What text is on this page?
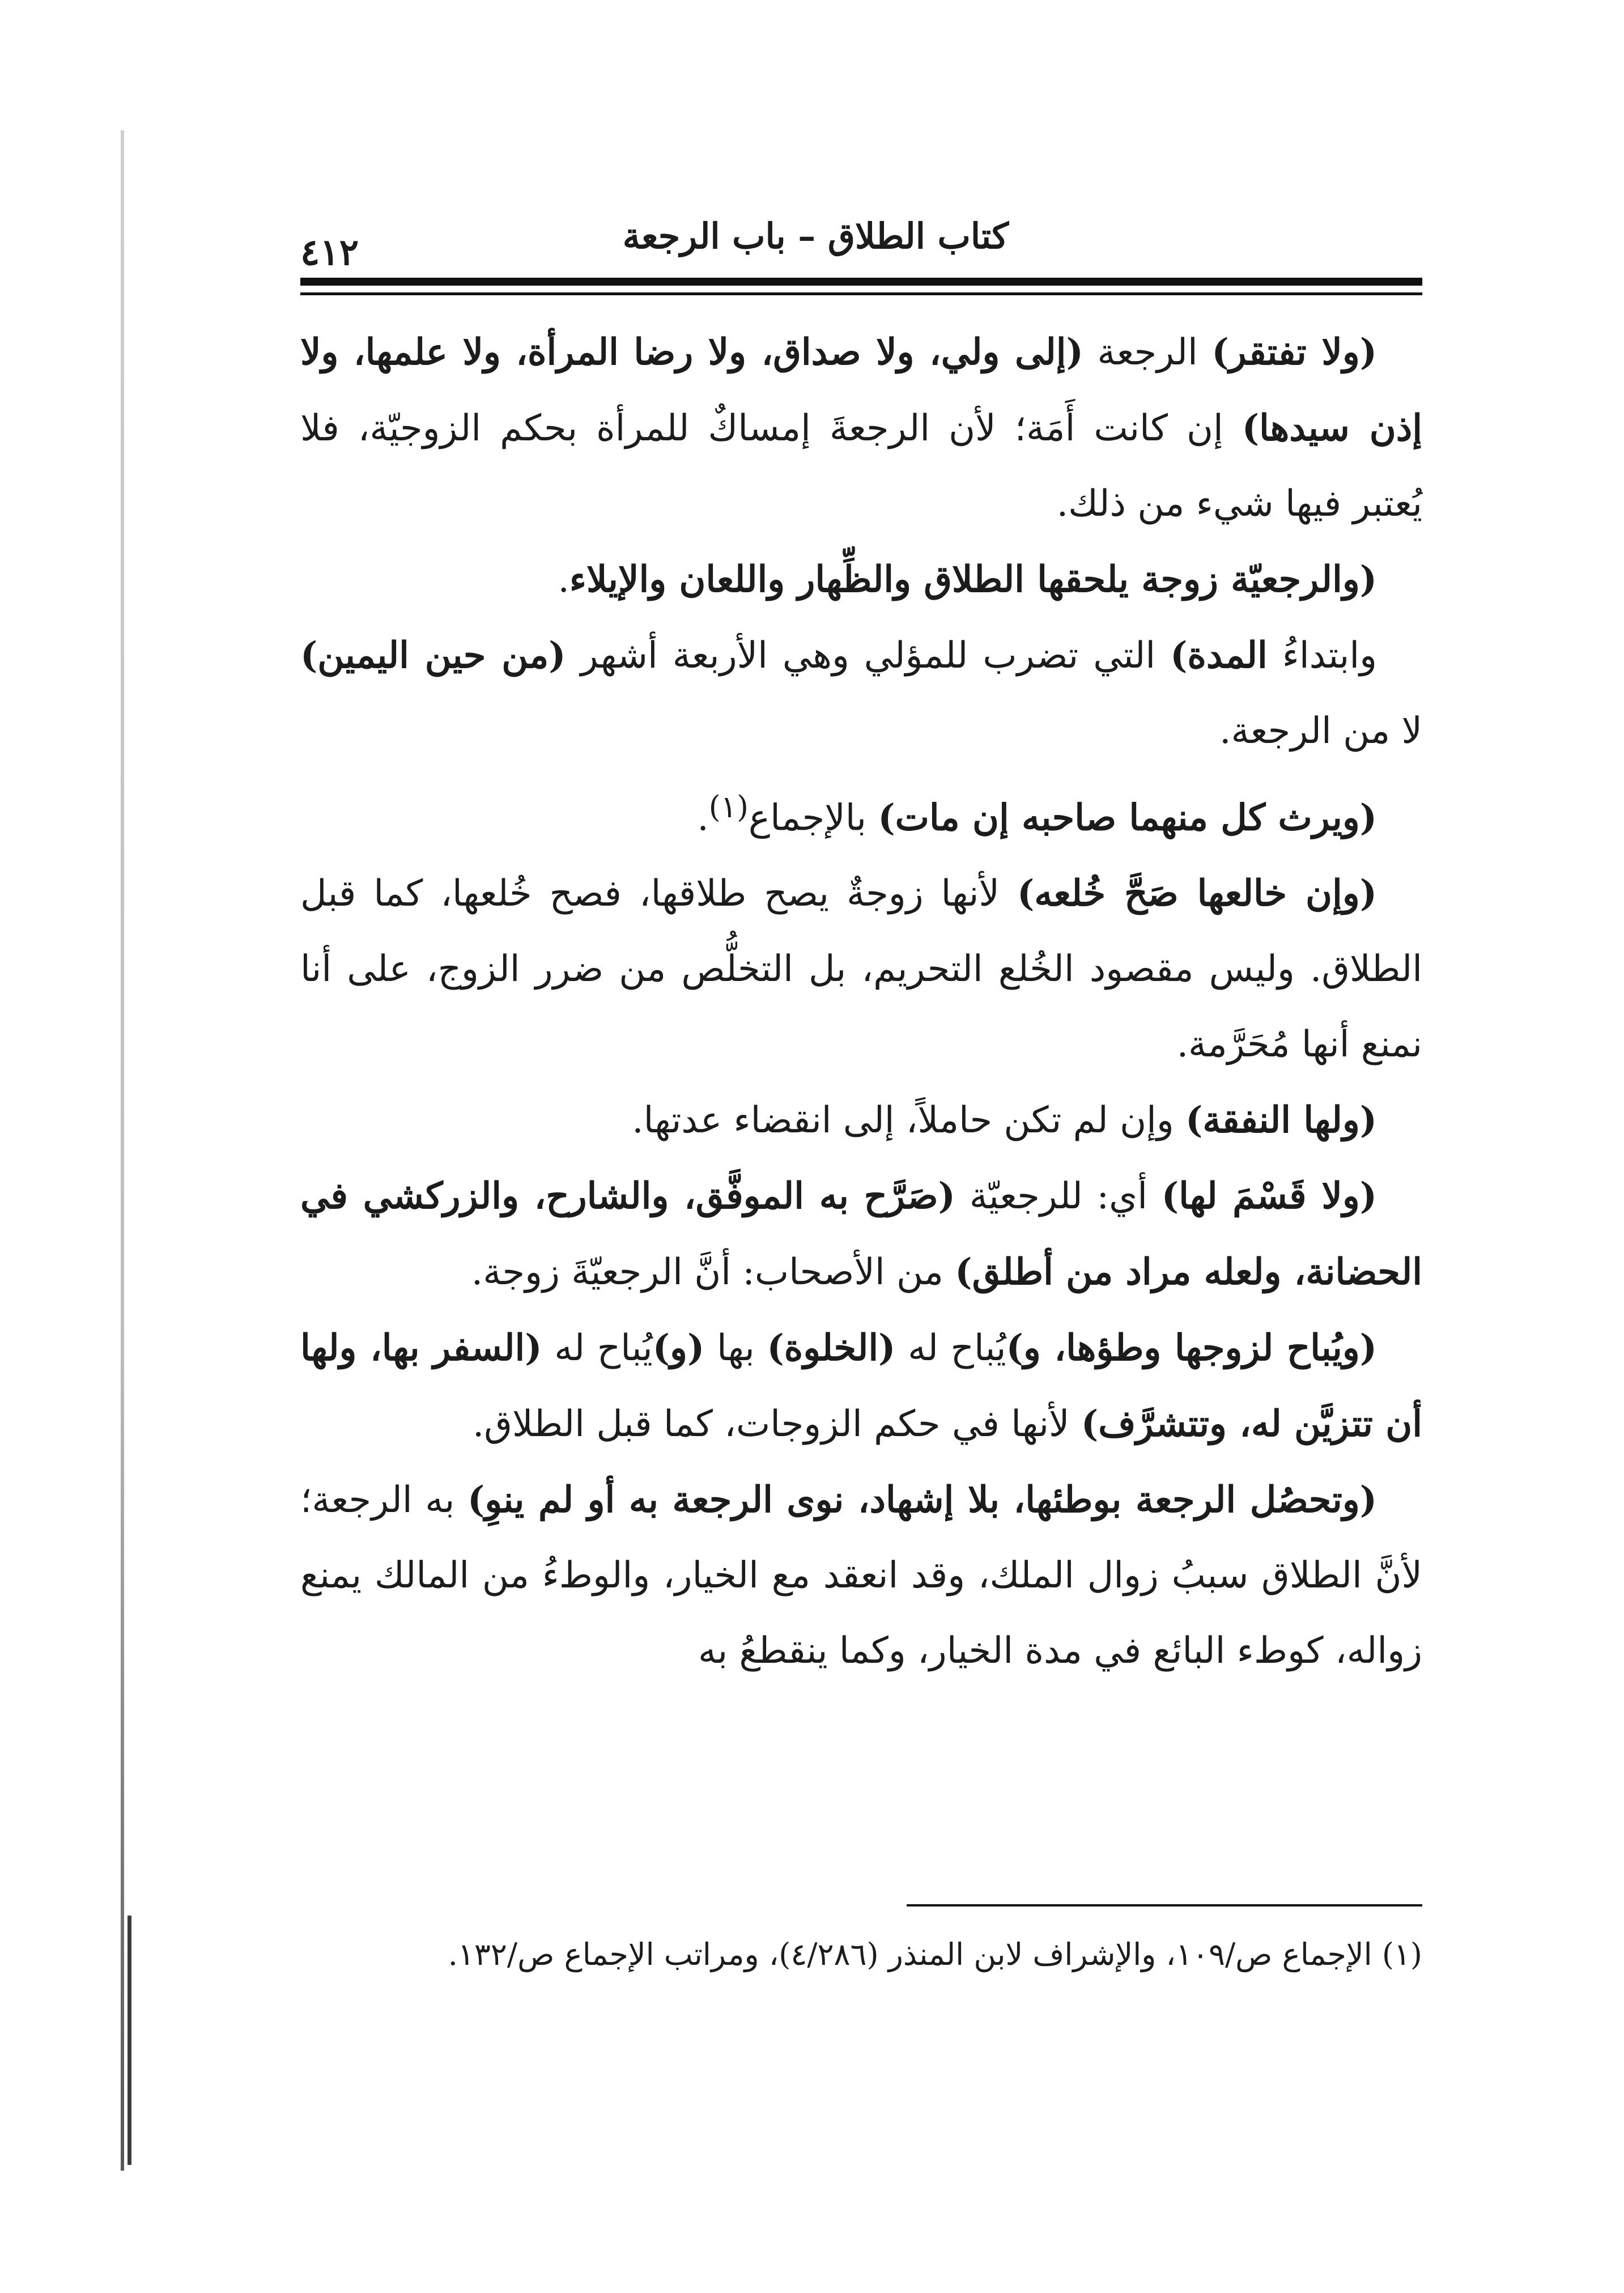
كتاب الطلاق – باب الرجعة
٤١٢

(ولا تفتقر) الرجعة (إلى ولي، ولا صداق، ولا رضا المرأة، ولا علمها، ولا إذن سيدها) إن كانت أَمَة؛ لأن الرجعةَ إمساكٌ للمرأة بحكم الزوجيّة، فلا يُعتبر فيها شيء من ذلك.

(والرجعيّة زوجة يلحقها الطلاق والظِّهار واللعان والإيلاء.

وابتداءُ المدة) التي تضرب للمؤلي وهي الأربعة أشهر (من حين اليمين) لا من الرجعة.

(ويرث كل منهما صاحبه إن مات) بالإجماع$^{(١)}$.

(وإن خالعها صَحَّ خُلعه) لأنها زوجةٌ يصح طلاقها، فصح خُلعها، كما قبل الطلاق. وليس مقصود الخُلع التحريم، بل التخلُّص من ضرر الزوج، على أنا نمنع أنها مُحَرَّمة.

(ولها النفقة) وإن لم تكن حاملاً، إلى انقضاء عدتها.

(ولا قَسْمَ لها) أي: للرجعيّة (صَرَّح به الموفَّق، والشارح، والزركشي في الحضانة، ولعله مراد من أطلق) من الأصحاب: أنَّ الرجعيّةَ زوجة.

(ويُباح لزوجها وطؤها، و)يُباح له (الخلوة) بها (و)يُباح له (السفر بها، ولها أن تتزيَّن له، وتتشرَّف) لأنها في حكم الزوجات، كما قبل الطلاق.

(وتحصُل الرجعة بوطئها، بلا إشهاد، نوى الرجعة به أو لم ينوِ) به الرجعة؛ لأنَّ الطلاق سببُ زوال الملك، وقد انعقد مع الخيار، والوطءُ من المالك يمنع زواله، كوطء البائع في مدة الخيار، وكما ينقطعُ به

(١) الإجماع ص/١٠٩، والإشراف لابن المنذر (٤/٢٨٦)، ومراتب الإجماع ص/١٣٢.
